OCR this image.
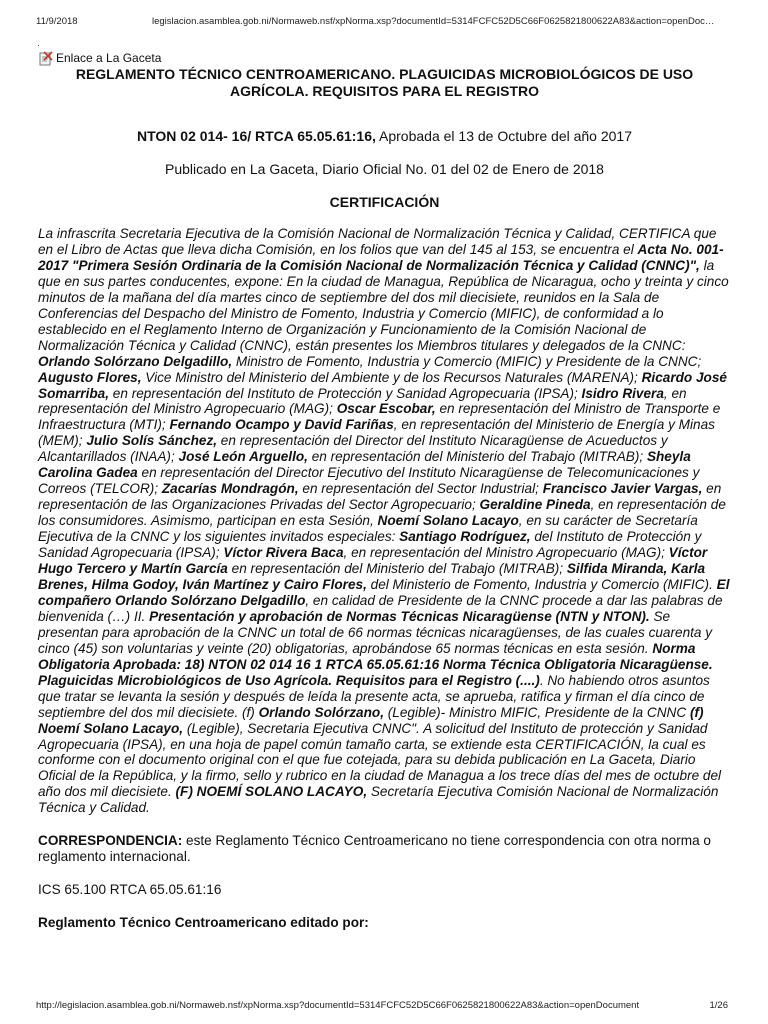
11/9/2018	legislacion.asamblea.gob.ni/Normaweb.nsf/xpNorma.xsp?documentId=5314FCFC52D5C66F0625821800622A83&action=openDoc…
.
Enlace a La Gaceta
REGLAMENTO TÉCNICO CENTROAMERICANO. PLAGUICIDAS MICROBIOLÓGICOS DE USO AGRÍCOLA. REQUISITOS PARA EL REGISTRO
NTON 02 014- 16/ RTCA 65.05.61:16, Aprobada el 13 de Octubre del año 2017
Publicado en La Gaceta, Diario Oficial No. 01 del 02 de Enero de 2018
CERTIFICACIÓN
La infrascrita Secretaria Ejecutiva de la Comisión Nacional de Normalización Técnica y Calidad, CERTIFICA que en el Libro de Actas que lleva dicha Comisión, en los folios que van del 145 al 153, se encuentra el Acta No. 001-2017 "Primera Sesión Ordinaria de la Comisión Nacional de Normalización Técnica y Calidad (CNNC)", la que en sus partes conducentes, expone: En la ciudad de Managua, República de Nicaragua, ocho y treinta y cinco minutos de la mañana del día martes cinco de septiembre del dos mil diecisiete, reunidos en la Sala de Conferencias del Despacho del Ministro de Fomento, Industria y Comercio (MIFIC), de conformidad a lo establecido en el Reglamento Interno de Organización y Funcionamiento de la Comisión Nacional de Normalización Técnica y Calidad (CNNC), están presentes los Miembros titulares y delegados de la CNNC: Orlando Solórzano Delgadillo, Ministro de Fomento, Industria y Comercio (MIFIC) y Presidente de la CNNC; Augusto Flores, Vice Ministro del Ministerio del Ambiente y de los Recursos Naturales (MARENA); Ricardo José Somarriba, en representación del Instituto de Protección y Sanidad Agropecuaria (IPSA); Isidro Rivera, en representación del Ministro Agropecuario (MAG); Oscar Escobar, en representación del Ministro de Transporte e Infraestructura (MTI); Fernando Ocampo y David Fariñas, en representación del Ministerio de Energía y Minas (MEM); Julio Solís Sánchez, en representación del Director del Instituto Nicaragüense de Acueductos y Alcantarillados (INAA); José León Arguello, en representación del Ministerio del Trabajo (MITRAB); Sheyla Carolina Gadea en representación del Director Ejecutivo del Instituto Nicaragüense de Telecomunicaciones y Correos (TELCOR); Zacarías Mondragón, en representación del Sector Industrial; Francisco Javier Vargas, en representación de las Organizaciones Privadas del Sector Agropecuario; Geraldine Pineda, en representación de los consumidores. Asimismo, participan en esta Sesión, Noemí Solano Lacayo, en su carácter de Secretaría Ejecutiva de la CNNC y los siguientes invitados especiales: Santiago Rodríguez, del Instituto de Protección y Sanidad Agropecuaria (IPSA); Víctor Rivera Baca, en representación del Ministro Agropecuario (MAG); Víctor Hugo Tercero y Martín García en representación del Ministerio del Trabajo (MITRAB); Silfida Miranda, Karla Brenes, Hilma Godoy, Iván Martínez y Cairo Flores, del Ministerio de Fomento, Industria y Comercio (MIFIC). El compañero Orlando Solórzano Delgadillo, en calidad de Presidente de la CNNC procede a dar las palabras de bienvenida (…) II. Presentación y aprobación de Normas Técnicas Nicaragüense (NTN y NTON). Se presentan para aprobación de la CNNC un total de 66 normas técnicas nicaragüenses, de las cuales cuarenta y cinco (45) son voluntarias y veinte (20) obligatorias, aprobándose 65 normas técnicas en esta sesión. Norma Obligatoria Aprobada: 18) NTON 02 014 16 1 RTCA 65.05.61:16 Norma Técnica Obligatoria Nicaragüense. Plaguicidas Microbiológicos de Uso Agrícola. Requisitos para el Registro (....). No habiendo otros asuntos que tratar se levanta la sesión y después de leída la presente acta, se aprueba, ratifica y firman el día cinco de septiembre del dos mil diecisiete. (f) Orlando Solórzano, (Legible)- Ministro MIFIC, Presidente de la CNNC (f) Noemí Solano Lacayo, (Legible), Secretaria Ejecutiva CNNC". A solicitud del Instituto de protección y Sanidad Agropecuaria (IPSA), en una hoja de papel común tamaño carta, se extiende esta CERTIFICACIÓN, la cual es conforme con el documento original con el que fue cotejada, para su debida publicación en La Gaceta, Diario Oficial de la República, y la firmo, sello y rubrico en la ciudad de Managua a los trece días del mes de octubre del año dos mil diecisiete. (F) NOEMÍ SOLANO LACAYO, Secretaría Ejecutiva Comisión Nacional de Normalización Técnica y Calidad.
CORRESPONDENCIA: este Reglamento Técnico Centroamericano no tiene correspondencia con otra norma o reglamento internacional.
ICS 65.100 RTCA 65.05.61:16
Reglamento Técnico Centroamericano editado por:
http://legislacion.asamblea.gob.ni/Normaweb.nsf/xpNorma.xsp?documentId=5314FCFC52D5C66F0625821800622A83&action=openDocument	1/26
